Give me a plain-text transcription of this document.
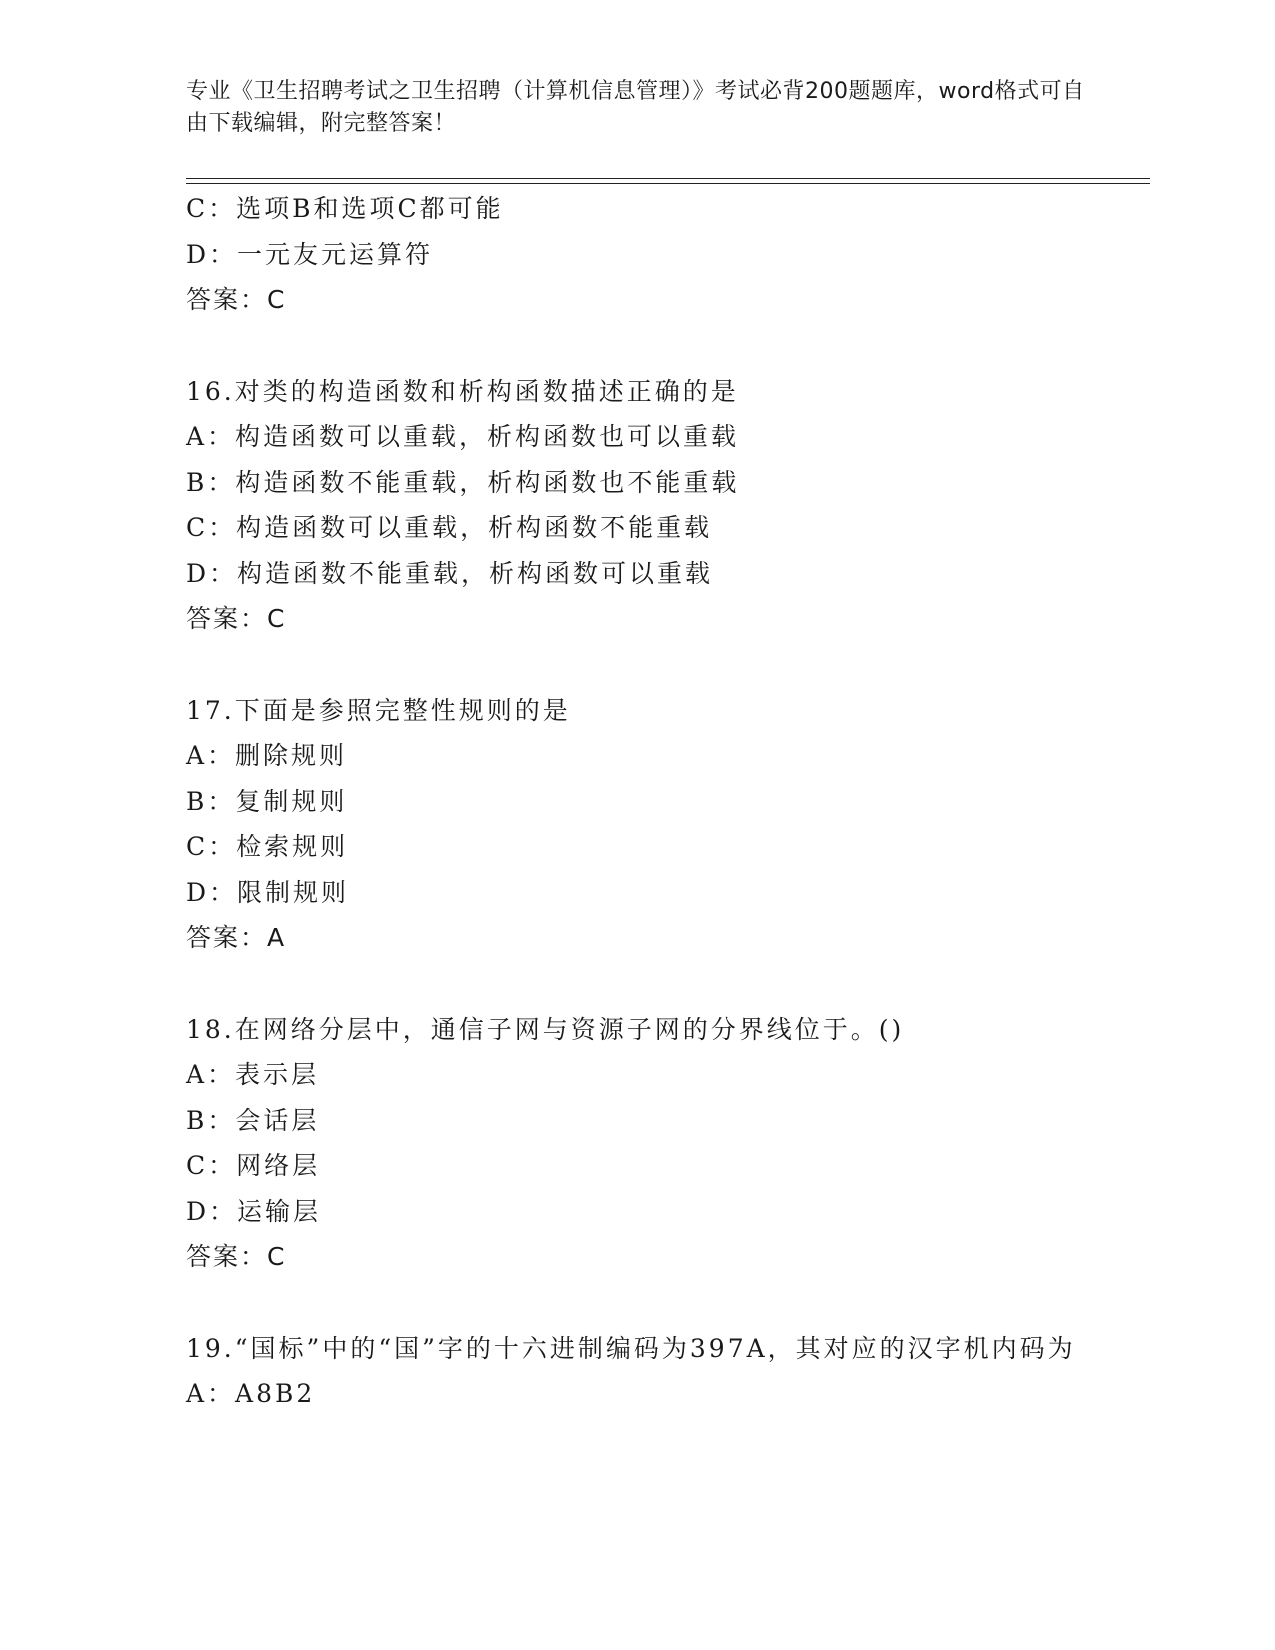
专业《卫生招聘考试之卫生招聘（计算机信息管理）》考试必背200题题库，word格式可自由下载编辑，附完整答案！
C：选项B和选项C都可能
D：一元友元运算符
答案：C
16.对类的构造函数和析构函数描述正确的是
A：构造函数可以重载，析构函数也可以重载
B：构造函数不能重载，析构函数也不能重载
C：构造函数可以重载，析构函数不能重载
D：构造函数不能重载，析构函数可以重载
答案：C
17.下面是参照完整性规则的是
A：删除规则
B：复制规则
C：检索规则
D：限制规则
答案：A
18.在网络分层中，通信子网与资源子网的分界线位于。()
A：表示层
B：会话层
C：网络层
D：运输层
答案：C
19.“国标”中的“国”字的十六进制编码为397A，其对应的汉字机内码为
A：A8B2
